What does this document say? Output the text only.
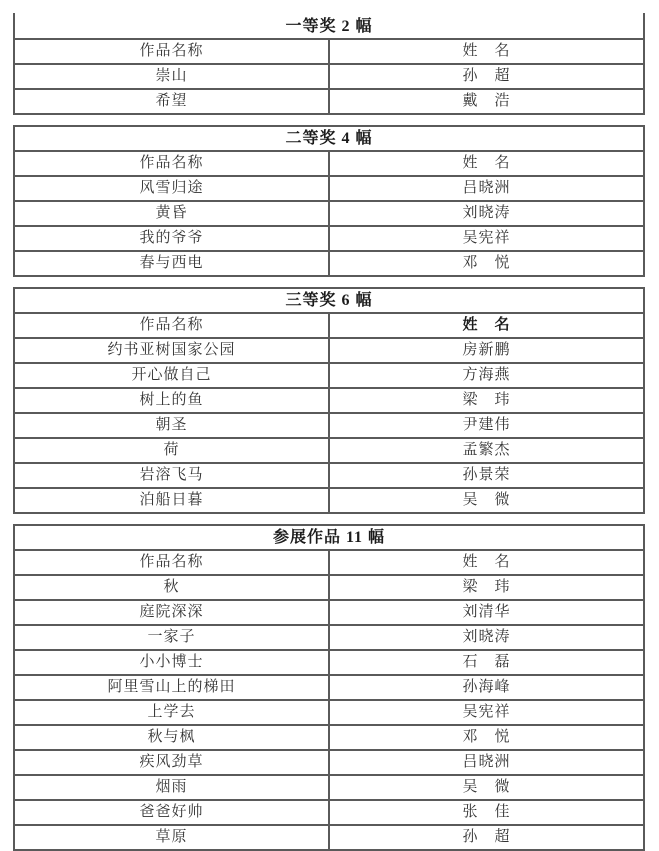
一等奖 2 幅	
作品名称	姓　名
崇山	孙　超
希望	戴　浩
二等奖 4 幅	
作品名称	姓　名
风雪归途	吕晓洲
黄昏	刘晓涛
我的爷爷	吴宪祥
春与西电	邓　悦
三等奖 6 幅	
作品名称	姓　名
约书亚树国家公园	房新鹏
开心做自己	方海燕
树上的鱼	梁　玮
朝圣	尹建伟
荷	孟繁杰
岩溶飞马	孙景荣
泊船日暮	吴　微
参展作品 11 幅	
作品名称	姓　名
秋	梁　玮
庭院深深	刘清华
一家子	刘晓涛
小小博士	石　磊
阿里雪山上的梯田	孙海峰
上学去	吴宪祥
秋与枫	邓　悦
疾风劲草	吕晓洲
烟雨	吴　微
爸爸好帅	张　佳
草原	孙　超
